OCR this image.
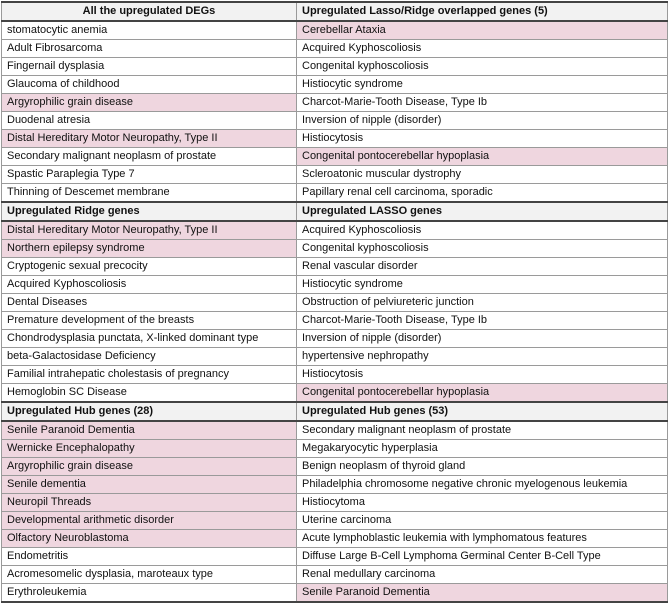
All the upregulated DEGs	Upregulated Lasso/Ridge overlapped genes (5)
stomatocytic anemia	Cerebellar Ataxia
Adult Fibrosarcoma	Acquired Kyphoscoliosis
Fingernail dysplasia	Congenital kyphoscoliosis
Glaucoma of childhood	Histiocytic syndrome
Argyrophilic grain disease	Charcot-Marie-Tooth Disease, Type Ib
Duodenal atresia	Inversion of nipple (disorder)
Distal Hereditary Motor Neuropathy, Type II	Histiocytosis
Secondary malignant neoplasm of prostate	Congenital pontocerebellar hypoplasia
Spastic Paraplegia Type 7	Scleroatonic muscular dystrophy
Thinning of Descemet membrane	Papillary renal cell carcinoma, sporadic
Upregulated Ridge genes	Upregulated LASSO genes
Distal Hereditary Motor Neuropathy, Type II	Acquired Kyphoscoliosis
Northern epilepsy syndrome	Congenital kyphoscoliosis
Cryptogenic sexual precocity	Renal vascular disorder
Acquired Kyphoscoliosis	Histiocytic syndrome
Dental Diseases	Obstruction of pelviureteric junction
Premature development of the breasts	Charcot-Marie-Tooth Disease, Type Ib
Chondrodysplasia punctata, X-linked dominant type	Inversion of nipple (disorder)
beta-Galactosidase Deficiency	hypertensive nephropathy
Familial intrahepatic cholestasis of pregnancy	Histiocytosis
Hemoglobin SC Disease	Congenital pontocerebellar hypoplasia
Upregulated Hub genes (28)	Upregulated Hub genes (53)
Senile Paranoid Dementia	Secondary malignant neoplasm of prostate
Wernicke Encephalopathy	Megakaryocytic hyperplasia
Argyrophilic grain disease	Benign neoplasm of thyroid gland
Senile dementia	Philadelphia chromosome negative chronic myelogenous leukemia
Neuropil Threads	Histiocytoma
Developmental arithmetic disorder	Uterine carcinoma
Olfactory Neuroblastoma	Acute lymphoblastic leukemia with lymphomatous features
Endometritis	Diffuse Large B-Cell Lymphoma Germinal Center B-Cell Type
Acromesomelic dysplasia, maroteaux type	Renal medullary carcinoma
Erythroleukemia	Senile Paranoid Dementia
